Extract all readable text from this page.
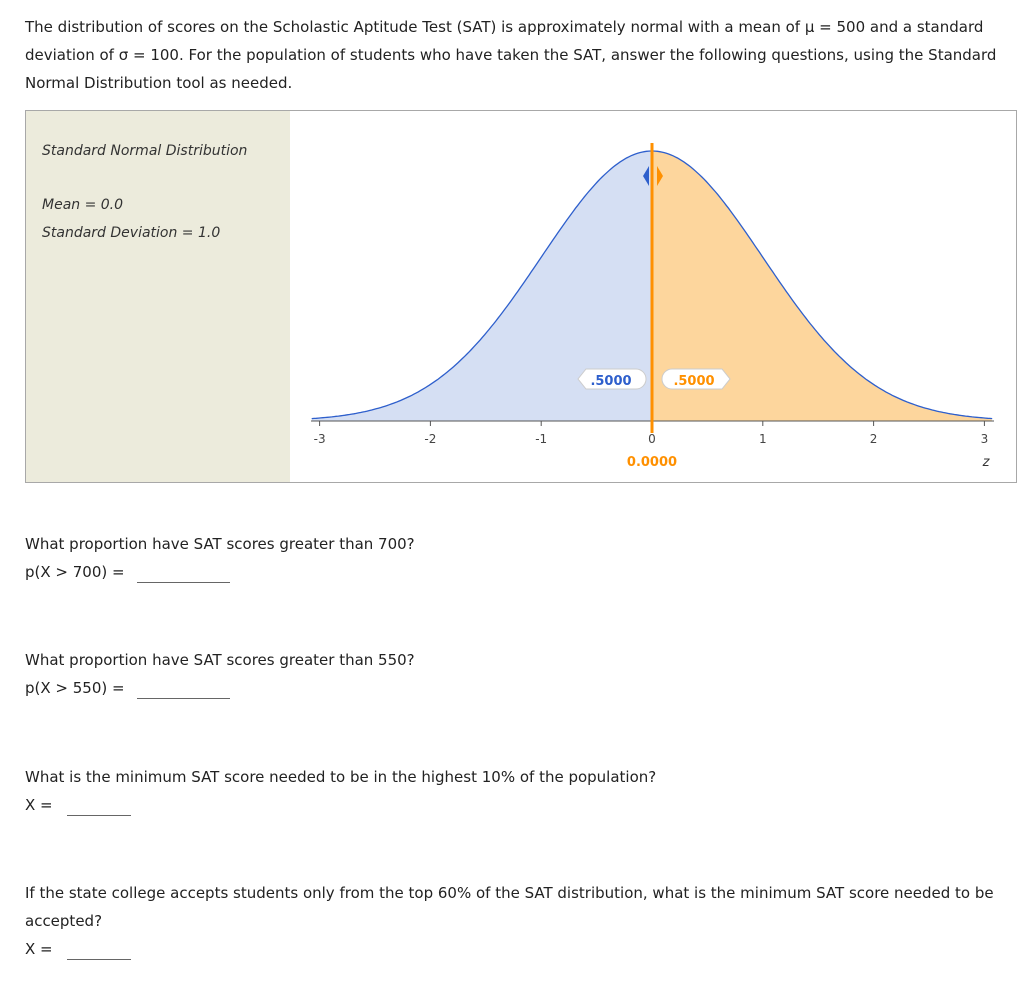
The distribution of scores on the Scholastic Aptitude Test (SAT) is approximately normal with a mean of μ = 500 and a standard deviation of σ = 100. For the population of students who have taken the SAT, answer the following questions, using the Standard Normal Distribution tool as needed.
Standard Normal Distribution
Mean = 0.0
Standard Deviation = 1.0
-3	-2	-1	0	1	2	3
.5000	.5000
0.0000	z
What proportion have SAT scores greater than 700?
p(X > 700) =
What proportion have SAT scores greater than 550?
p(X > 550) =
What is the minimum SAT score needed to be in the highest 10% of the population?
X =
If the state college accepts students only from the top 60% of the SAT distribution, what is the minimum SAT score needed to be accepted?
X =
